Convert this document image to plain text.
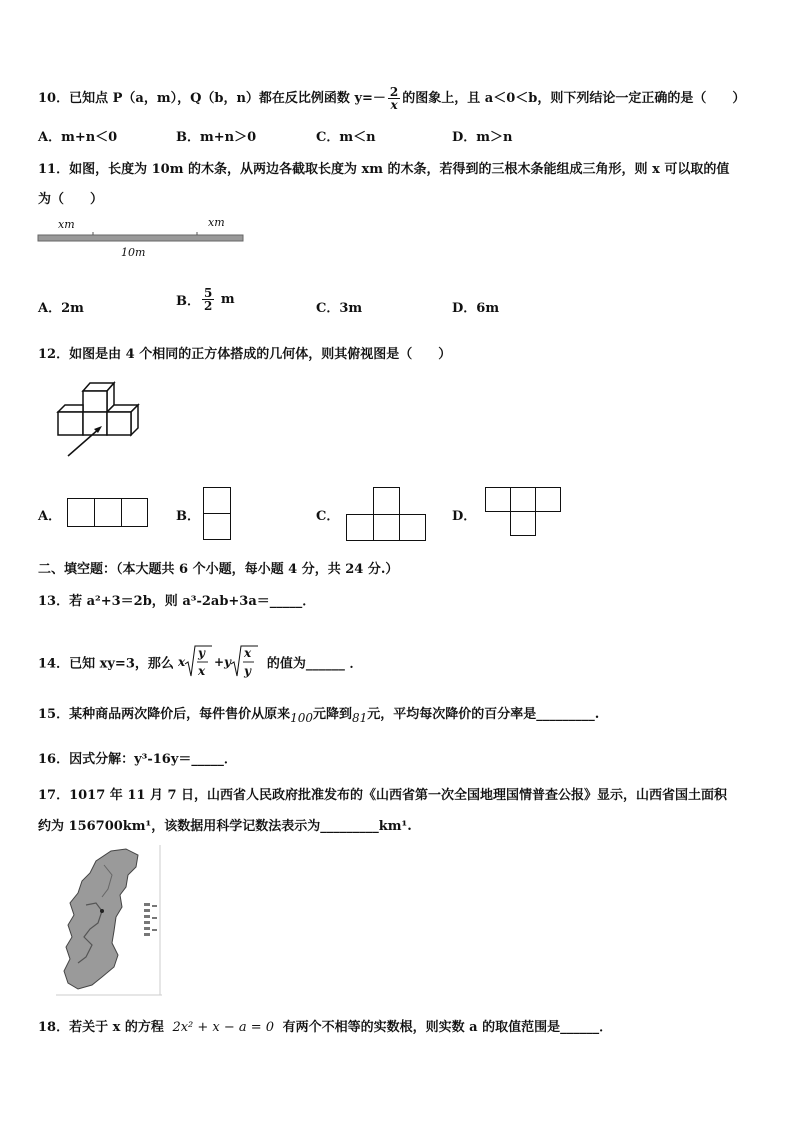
10．已知点 P（a，m），Q（b，n）都在反比例函数 $y=- \frac{2}{x}$ 的图象上，且 a＜0＜b，则下列结论一定正确的是（　　）
A．m+n＜0	B．m+n＞0	C．m＜n	D．m＞n
11．如图，长度为 10m 的木条，从两边各截取长度为 xm 的木条，若得到的三根木条能组成三角形，则 x 可以取的值
为（　　）
xm	xm
10m
A．2m	B． $\frac{5}{2}$ m
C．3m	D．6m
12．如图是由 4 个相同的正方体搭成的几何体，则其俯视图是（　　）
A．	B．	C．	D．
二、填空题：（本大题共 6 个小题，每小题 4 分，共 24 分.）
13．若 a²+3＝2b，则 a³-2ab+3a＝_____．
14．已知 xy=3，那么 x
y
x
+ y
x
y 的值为______ ．
15．某种商品两次降价后，每件售价从原来100元降到81元，平均每次降价的百分率是_________.
16．因式分解：y³-16y＝_____．
17．1017 年 11 月 7 日，山西省人民政府批准发布的《山西省第一次全国地理国情普查公报》显示，山西省国土面积
约为 156700km¹，该数据用科学记数法表示为_________km¹.
18．若关于 x 的方程 2x² + x − a = 0 有两个不相等的实数根，则实数 a 的取值范围是______．
